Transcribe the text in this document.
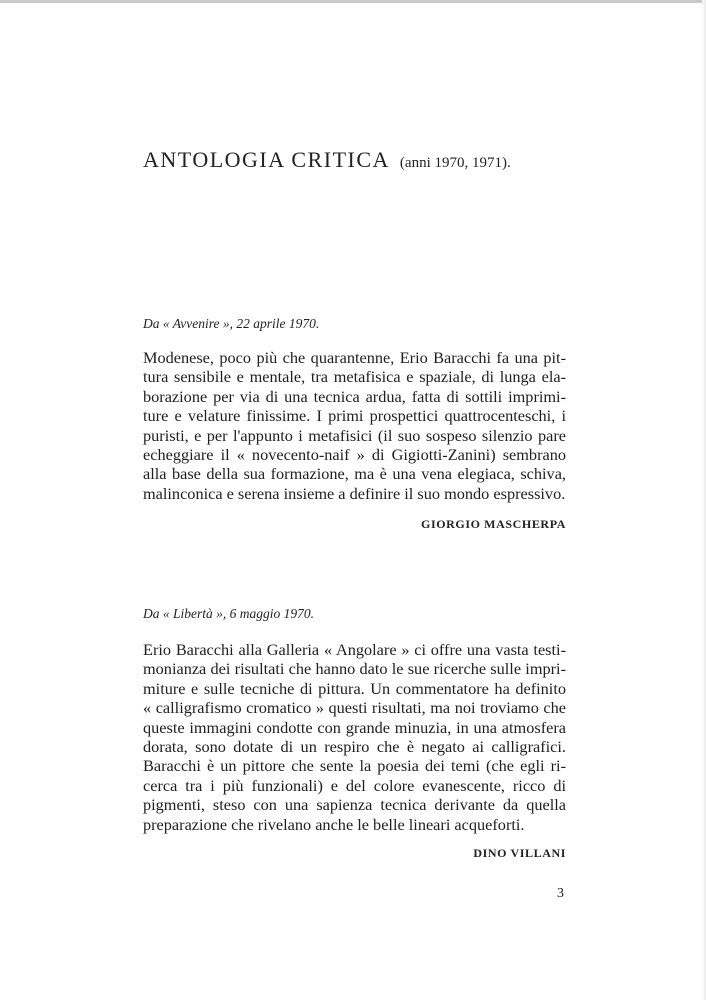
ANTOLOGIA CRITICA (anni 1970, 1971).
Da « Avvenire », 22 aprile 1970.
Modenese, poco più che quarantenne, Erio Baracchi fa una pit-
tura sensibile e mentale, tra metafisica e spaziale, di lunga ela-
borazione per via di una tecnica ardua, fatta di sottili imprimi-
ture e velature finissime. I primi prospettici quattrocenteschi, i
puristi, e per l'appunto i metafisici (il suo sospeso silenzio pare
echeggiare il « novecento-naif » di Gigiotti-Zanini) sembrano
alla base della sua formazione, ma è una vena elegiaca, schiva,
malinconica e serena insieme a definire il suo mondo espressivo.
GIORGIO MASCHERPA
Da « Libertà », 6 maggio 1970.
Erio Baracchi alla Galleria « Angolare » ci offre una vasta testi-
monianza dei risultati che hanno dato le sue ricerche sulle impri-
miture e sulle tecniche di pittura. Un commentatore ha definito
« calligrafismo cromatico » questi risultati, ma noi troviamo che
queste immagini condotte con grande minuzia, in una atmosfera
dorata, sono dotate di un respiro che è negato ai calligrafici.
Baracchi è un pittore che sente la poesia dei temi (che egli ri-
cerca tra i più funzionali) e del colore evanescente, ricco di
pigmenti, steso con una sapienza tecnica derivante da quella
preparazione che rivelano anche le belle lineari acqueforti.
DINO VILLANI
3
